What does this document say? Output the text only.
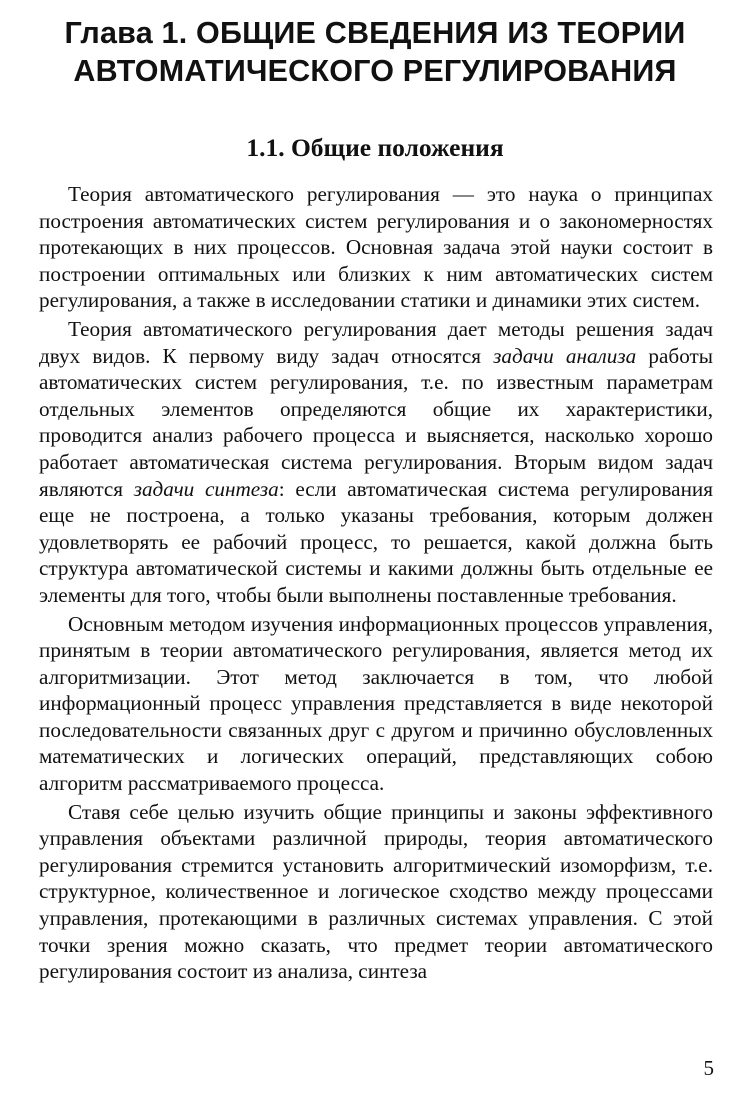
Глава 1. ОБЩИЕ СВЕДЕНИЯ ИЗ ТЕОРИИ
АВТОМАТИЧЕСКОГО РЕГУЛИРОВАНИЯ
1.1. Общие положения

Теория автоматического регулирования — это наука о принципах построения автоматических систем регулирования и о закономерностях протекающих в них процессов. Основная задача этой науки состоит в построении оптимальных или близких к ним автоматических систем регулирования, а также в исследовании статики и динамики этих систем.

Теория автоматического регулирования дает методы решения задач двух видов. К первому виду задач относятся задачи анализа работы автоматических систем регулирования, т.е. по известным параметрам отдельных элементов определяются общие их характеристики, проводится анализ рабочего процесса и выясняется, насколько хорошо работает автоматическая система регулирования. Вторым видом задач являются задачи синтеза: если автоматическая система регулирования еще не построена, а только указаны требования, которым должен удовлетворять ее рабочий процесс, то решается, какой должна быть структура автоматической системы и какими должны быть отдельные ее элементы для того, чтобы были выполнены поставленные требования.

Основным методом изучения информационных процессов управления, принятым в теории автоматического регулирования, является метод их алгоритмизации. Этот метод заключается в том, что любой информационный процесс управления представляется в виде некоторой последовательности связанных друг с другом и причинно обусловленных математических и логических операций, представляющих собою алгоритм рассматриваемого процесса.

Ставя себе целью изучить общие принципы и законы эффективного управления объектами различной природы, теория автоматического регулирования стремится установить алгоритмический изоморфизм, т.е. структурное, количественное и логическое сходство между процессами управления, протекающими в различных системах управления. С этой точки зрения можно сказать, что предмет теории автоматического регулирования состоит из анализа, синтеза

5
